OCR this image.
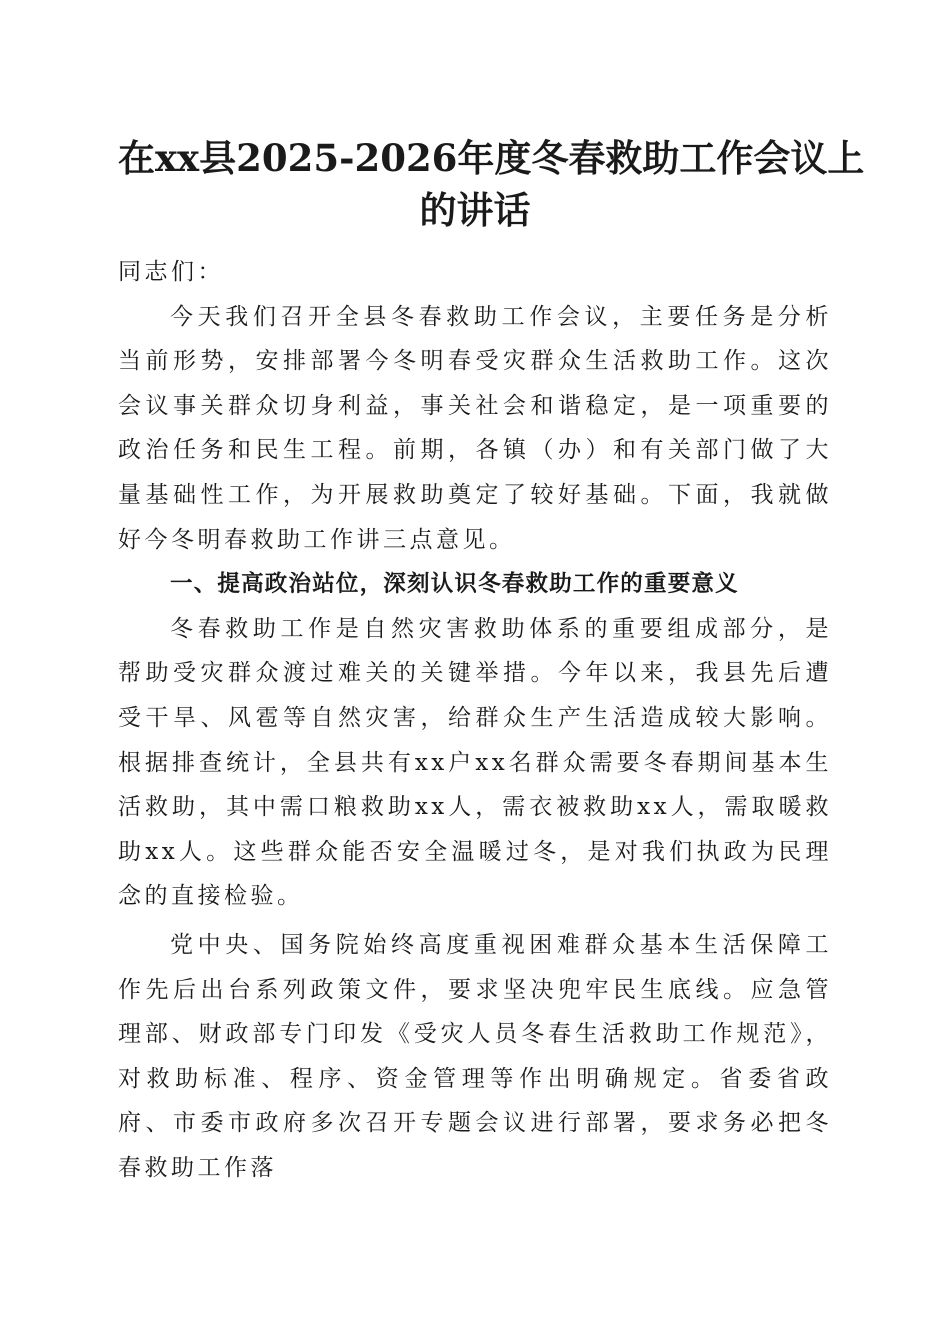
在xx县2025-2026年度冬春救助工作会议上
的讲话

同志们：

今天我们召开全县冬春救助工作会议，主要任务是分析当前形势，安排部署今冬明春受灾群众生活救助工作。这次会议事关群众切身利益，事关社会和谐稳定，是一项重要的政治任务和民生工程。前期，各镇（办）和有关部门做了大量基础性工作，为开展救助奠定了较好基础。下面，我就做好今冬明春救助工作讲三点意见。

一、提高政治站位，深刻认识冬春救助工作的重要意义

冬春救助工作是自然灾害救助体系的重要组成部分，是帮助受灾群众渡过难关的关键举措。今年以来，我县先后遭受干旱、风雹等自然灾害，给群众生产生活造成较大影响。根据排查统计，全县共有xx户xx名群众需要冬春期间基本生活救助，其中需口粮救助xx人，需衣被救助xx人，需取暖救助xx人。这些群众能否安全温暖过冬，是对我们执政为民理念的直接检验。

党中央、国务院始终高度重视困难群众基本生活保障工作先后出台系列政策文件，要求坚决兜牢民生底线。应急管理部、财政部专门印发《受灾人员冬春生活救助工作规范》，对救助标准、程序、资金管理等作出明确规定。省委省政府、市委市政府多次召开专题会议进行部署，要求务必把冬春救助工作落
